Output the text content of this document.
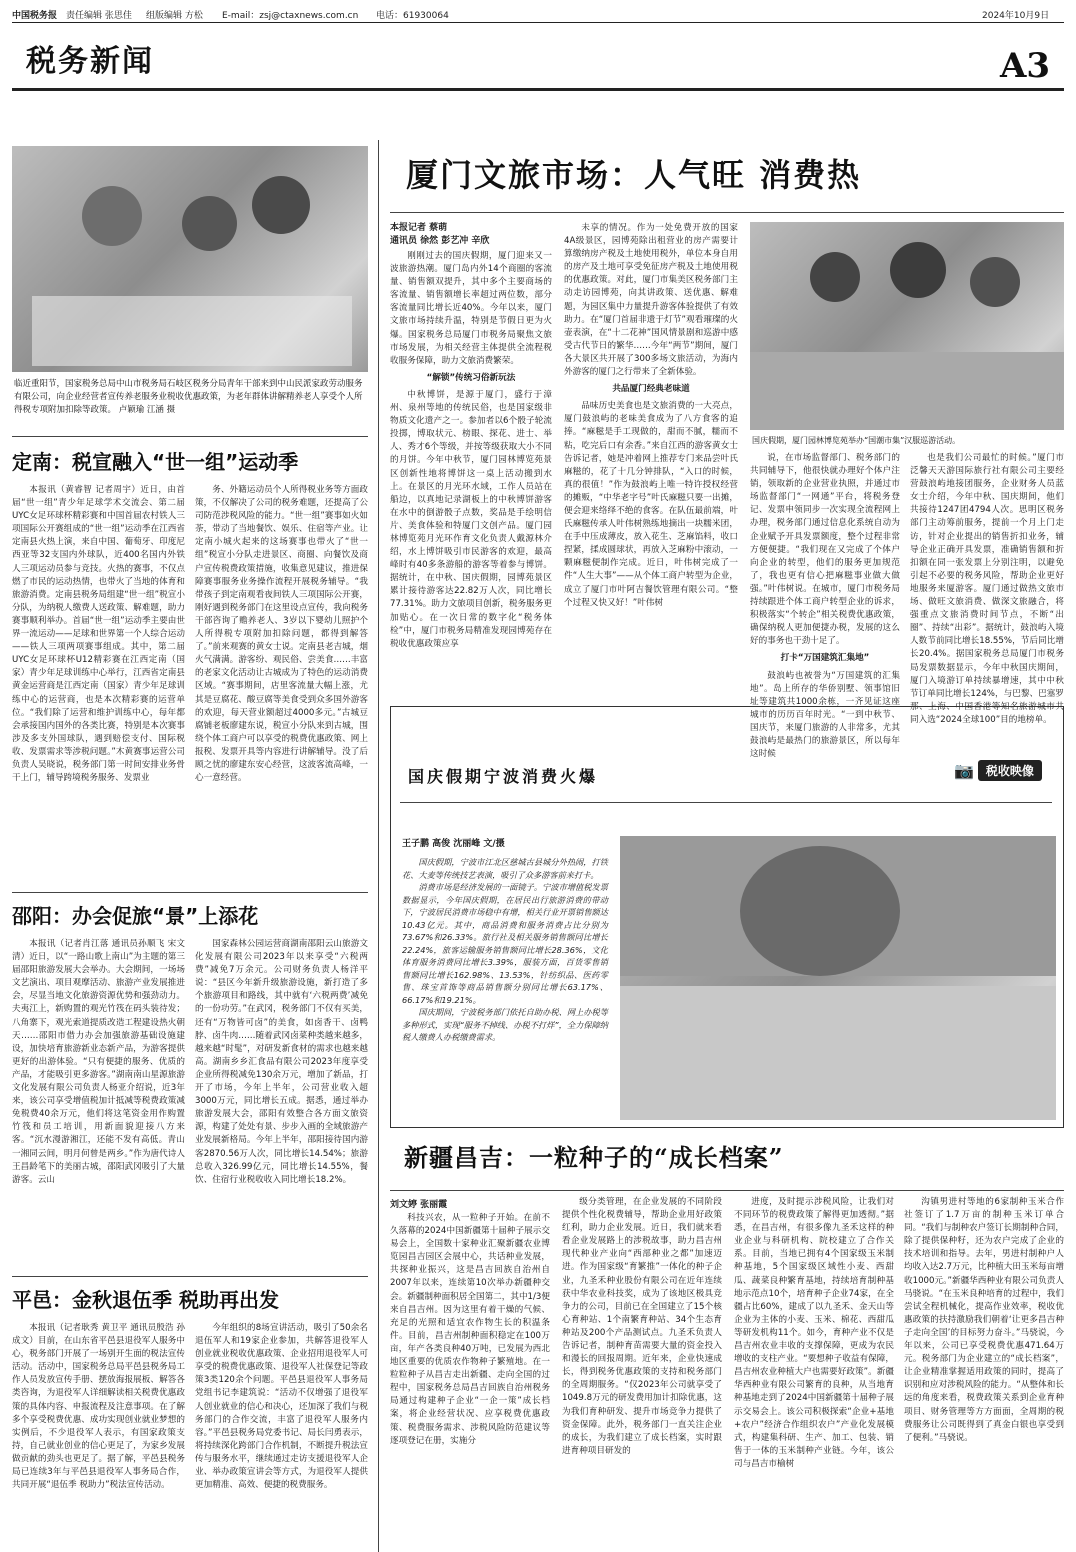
中国税务报 责任编辑 张思佳 组版编辑 方松 E-mail：zsj@ctaxnews.com.cn 电话：61930064	2024年10月9日
税务新闻	A3
临近重阳节，国家税务总局中山市税务局石岐区税务分局青年干部来到中山民派家政劳动服务有限公司，向企业经营者宣传养老服务业税收优惠政策，为老年群体讲解精养老人享受个人所得税专项附加扣除等政策。 卢颖瑜 江涵 摄
定南：税宣融入“世一组”运动季

本报讯（黄睿智 记者周宇）近日，由首届“世一组”青少年足球学术交流会、第二届UYC女足环球杯精彩赛和中国首届农村铁人三项国际公开赛组成的“世一组”运动季在江西省定南县火热上演，来自中国、葡萄牙、印度尼西亚等32支国内外球队，近400名国内外铁人三项运动员参与竞技。火热的赛事，不仅点燃了市民的运动热情，也带火了当地的体育和旅游消费。定南县税务局组建“世一组”税宣小分队，为纳税人缴费人送政策、解难题，助力赛事顺利举办。首届“世一组”运动季主要由世界一流运动——足球和世界第一个人综合运动——铁人三项两项赛事组成。其中，第二届UYC女足环球杯U12精彩赛在江西定南（国家）青少年足球训练中心举行，江西省定南县黄金运营商是江西定南（国家）青少年足球训练中心的运营商，也是本次精彩赛的运营单位。“我们除了运营和维护训练中心，每年都会承接国内国外的各类比赛，特别是本次赛事涉及多支外国球队，遇到赔偿支付、国际税收、发票需求等涉税问题。”木黄赛事运营公司负责人吴晓说，税务部门第一时间安排业务骨干上门，辅导跨境税务服务、发票业

务、外籍运动员个人所得税业务等方面政策，不仅解决了公司的税务难题，还提高了公司防范涉税风险的能力。“世一组”赛事如火如荼，带动了当地餐饮、娱乐、住宿等产业。让定南小城火起来的这场赛事也带火了“世一组”税宣小分队走进景区、商圈、向餐饮及商户宣传税费政策措施，收集意见建议，推进保障赛事服务业务操作流程开展税务辅导。“我带孩子到定南观看夜间铁人三项国际公开赛，刚好遇到税务部门在这里设点宣传，我向税务干部咨询了赡养老人、3岁以下婴幼儿照护个人所得税专项附加扣除问题，都得到解答了。”前来观赛的黄女士说。定南县老吉城，烟火气满满。游客纷、观民俗、尝美食……丰富的老家文化活动让古城成为了特色的运动消费区域。“赛事期间，店里客流量大幅上涨，尤其是豆腐花、酸豆腐等美食受到众多国外游客的欢迎，每天营业额超过4000多元。”古城豆腐铺老板廖建东说，税宣小分队来到古城，围绕个体工商户可以享受的税费优惠政策、网上报税、发票开具等内容进行讲解辅导。没了后顾之忧的廖建东安心经营，这波客流高峰，一心一意经营。

邵阳：办会促旅“景”上添花

本报讯（记者肖江落 通讯员孙顺飞 宋文清）近日，以“一路山歌上南山”为主题的第三届邵阳旅游发展大会举办。大会期间，一场场文艺演出、项目观摩活动、旅游产业发展推进会，尽显当地文化旅游资源优势和强劲动力。夫夷江上，新购置的观光竹筏在码头装待发；八角寨下，观光索道提质改造工程建设热火朝天……邵阳市借力办会加强旅游基础设施建设，加快培育旅游新业态新产品，为游客提供更好的出游体验。“只有便捷的服务、优质的产品，才能吸引更多游客。”湖南南山星源旅游文化发展有限公司负责人杨亚介绍说，近3年来，该公司享受增值税加计抵减等税费政策减免税费40余万元，他们将这笔资金用作购置竹筏和员工培训，用新面貌迎接八方来客。“沉水漫游湘江，还能不发有高低。青山一湘同云间，明月何曾是两乡。”作为唐代诗人王昌龄笔下的美丽古城，邵阳武冈吸引了大量游客。云山

国家森林公园运营商湖南邵阳云山旅游文化发展有限公司2023年以来享受“六税两费”减免7万余元。公司财务负责人杨洋平说：“县区今年新升级旅游设施，新打造了多个旅游项目和路线，其中就有‘六税两费’减免的一份功劳。”在武冈，税务部门不仅有买美，还有“万物皆可卤”的美食，如卤香干、卤鸭脖、卤牛肉……随着武冈卤菜种类越来越多，越来越“时髦”，对研发新食材的需求也越来越高。湖南乡乡汇食品有限公司2023年度享受企业所得税减免130余万元，增加了新品，打开了市场，今年上半年，公司营业收入超3000万元，同比增长五成。据悉，通过举办旅游发展大会，邵阳有效整合各方面文旅资源，构建了处处有景、步步入画的全域旅游产业发展新格局。今年上半年，邵阳接待国内游客2870.56万人次，同比增长14.54%；旅游总收入326.99亿元，同比增长14.55%，餐饮、住宿行业税收收入同比增长18.2%。

平邑：金秋退伍季 税助再出发

本报讯（记者耿秀 黄卫平 通讯员殷浩 孙成文）目前，在山东省平邑县退役军人服务中心，税务部门开展了一场别开生面的税法宣传活动。活动中，国家税务总局平邑县税务局工作人员发放宣传手册、摆放海报展板、解答各类咨询，为退役军人详细解读相关税费优惠政策的具体内容、申报流程及注意事项。在了解多个享受税费优惠、成功实现创业就业梦想的实例后，不少退役军人表示，有国家政策支持，自己就业创业的信心更足了，为家乡发展做贡献的劲头也更足了。据了解，平邑县税务局已连续3年与平邑县退役军人事务局合作，共同开展“退伍季 税助力”税法宣传活动。

今年组织的8场宣讲活动，吸引了50余名退伍军人和19家企业参加，共解答退役军人创业就业税收优惠政策、企业招用退役军人可享受的税费优惠政策、退役军人社保登记等政策3类120余个问题。平邑县退役军人事务局党组书记李建筑说：“活动不仅增强了退役军人创业就业的信心和决心，还加深了我们与税务部门的合作交流，丰富了退役军人服务内容。”平邑县税务局党委书记、局长闫勇表示，将持续深化跨部门合作机制，不断提升税法宣传与服务水平，继续通过走访支援退役军人企业、举办政策宣讲会等方式，为退役军人提供更加精准、高效、便捷的税费服务。

厦门文旅市场：人气旺 消费热
本报记者 蔡萌
通讯员 徐然 彭艺冲 辛欣

刚刚过去的国庆假期，厦门迎来又一波旅游热潮。厦门岛内外14个商圈的客流量、销售额双提升，其中多个主要商场的客流量、销售额增长率超过两位数，部分客流量同比增长近40%。今年以来，厦门文旅市场持续升温，特别是节假日更为火爆。国家税务总局厦门市税务局聚焦文旅市场发展，为相关经营主体提供全流程税收服务保障，助力文旅消费繁荣。

“解锁”传统习俗新玩法

中秋博饼，是源于厦门，盛行于漳州、泉州等地的传统民俗，也是国家级非物质文化遗产之一。参加者以6个骰子轮流投掷，博取状元、榜眼、探花、进士、举人、秀才6个等级，并按等级获取大小不同的月饼。今年中秋节，厦门园林博览苑景区创新性地将博饼这一桌上活动搬到水上。在景区的月光环水域，工作人员站在船边，以真地记录湖板上的中秋博饼游客在水中的倒游骰子点数，奖品是手绘明信片、美食体验和特厦门文创产品。厦门园林博览苑月光环作育文化负责人戴源林介绍，水上博饼吸引市民游客的欢迎，最高峰时有40多条游船的游客等着参与博饼。据统计，在中秋、国庆假期，园博苑景区累计接待游客达22.82万人次，同比增长77.31%。助力文旅项目创新，税务服务更加贴心。在一次日常的数字化“税务体检”中，厦门市税务局精准发现园博苑存在税收优惠政策应享

未享的情况。作为一处免费开放的国家4A级景区，园博苑除出租营业的房产需要计算缴纳房产税及土地使用税外，单位本身自用的房产及土地可享受免征房产税及土地使用税的优惠政策。对此，厦门市集美区税务部门主动走访园博苑，向其讲政策、送优惠、解难题，为园区集中力量提升游客体验提供了有效助力。在“厦门首届非遗于灯节”观看璀璨的火壶表演，在“十二花神”国风情景剧和巡游中感受古代节日的繁华……今年“两节”期间，厦门各大景区共开展了300多场文旅活动，为海内外游客的厦门之行带来了全新体验。

共品厦门经典老味道

品味历史美食也是文旅消费的一大亮点，厦门鼓浪屿的老味美食成为了八方食客的追捧。“麻糍是手工现做的，甜而不腻，糯而不粘，吃完后口有余香。”来自江西的游客黄女士告诉记者，她是冲着网上推荐专门来品尝叶氏麻糍的，花了十几分钟排队，“入口的时候，真的很值！”作为鼓浪屿上唯一特许授权经营的摊贩，“中华老字号”叶氏麻糍只要一出摊，便会迎来络绎不绝的食客。在队伍最前端，叶氏麻糍传承人叶伟树熟练地摘出一块糯米团，在手中压成薄皮，放入花生、芝麻馅料，收口捏紧，揉成圆球状，再放入芝麻粉中滚动，一颗麻糍便制作完成。近日，叶伟树完成了一件“人生大事”——从个体工商户转型为企业，成立了厦门市叶阿吉餐饮管理有限公司。“整个过程又快又好！”叶伟树

国庆假期，厦门园林博览苑举办“国潮市集”汉服巡游活动。

说，在市场监督部门、税务部门的共同辅导下，他很快就办理好个体户注销，领取新的企业营业执照，并通过市场监督部门“一网通”平台，将税务登记、发票申领同步一次实现全流程网上办理，税务部门通过信息化系统自动为企业赋予开具发票额度，整个过程非常方便便捷。“我们现在又完成了个体户向企业的转型，他们的服务更加规范了，我也更有信心把麻糍事业做大做强。”叶伟树说。在城市，厦门市税务局持续跟进个体工商户转型企业的诉求，积极落实“个转企”相关税费优惠政策，确保纳税人更加便捷办税，发展的这么好的事务也干劲十足了。

打卡“万国建筑汇集地”

鼓浪屿也被誉为“万国建筑的汇集地”。岛上所存的华侨别墅、领事馆旧址等建筑共1000余栋，一齐见证这座城市的历历百年时光。“一到中秋节、国庆节，来厦门旅游的人非常多，尤其鼓浪屿是最热门的旅游景区，所以每年这时候

也是我们公司最忙的时候。”厦门市泛馨天天游国际旅行社有限公司主要经营鼓浪屿地接团服务，企业财务人员蓝女士介绍，今年中秋、国庆期间，他们共接待1247团4794人次。思明区税务部门主动筹前服务，提前一个月上门走访，针对企业提出的销售折扣业务，辅导企业正确开具发票，准确销售额和折扣额在同一张发票上分别注明，以避免引起不必要的税务风险，帮助企业更好地服务来厦游客。厦门通过做热文旅市场、做旺文旅消费、做深文旅融合，将强重点文旅消费时间节点，不断“出圈”、持续“出彩”。据统计，鼓浪屿入境人数节前同比增长18.55%，节后同比增长20.4%。据国家税务总局厦门市税务局发票数据显示，今年中秋国庆期间，厦门入境游订单持续暴增速，其中中秋节订单同比增长124%，与巴黎、巴塞罗那、上海、中国香港等知名旅游城市共同入选“2024全球100”目的地榜单。

国庆假期宁波消费火爆	📷	税收映像
王子鹏 高俊 沈丽峰 文/摄

国庆假期，宁波市江北区慈城古县城分外热闹，打铁花、大麦等传统技艺表演，吸引了众多游客前来打卡。

消费市场是经济发展的一面镜子。宁波市增值税发票数据显示，今年国庆假期，在居民出行旅游消费的带动下，宁波居民消费市场稳中有增，相关行业开票销售额达10.43亿元。其中，商品消费和服务消费占比分别为73.67%和26.33%。旅行社及相关服务销售额同比增长22.24%，旅客运输服务销售额同比增长28.36%，文化体育服务消费同比增长3.39%，服装方面，百货零售销售额同比增长162.98%、13.53%，针纺织品、医药零售、珠宝首饰等商品销售额分别同比增长63.17%、66.17%和19.21%。

国庆期间，宁波税务部门依托自助办税、网上办税等多种形式，实现“服务不掉线、办税不打烊”，全力保障纳税人缴费人办税缴费需求。

新疆昌吉：一粒种子的“成长档案”
刘文婷 张丽霞

科技兴农，从一粒种子开始。在前不久落幕的2024中国新疆第十届种子展示交易会上，全国数十家种业汇聚新疆农业博览园昌吉园区会展中心，共话种业发展，共探种业振兴，这是昌吉回族自治州自2007年以来，连续第10次举办新疆种交会。新疆制种面积居全国第二，其中1/3便来自昌吉州。因为这里有着干燥的气候、充足的光照和适宜农作物生长的积温条件。目前，昌吉州制种面积稳定在100万亩，年产各类良种40万吨，已发展为西北地区重要的优质农作物种子繁殖地。在一粒粒种子从昌吉走出新疆、走向全国的过程中，国家税务总局昌吉回族自治州税务局通过构建种子企业“一企一策”成长档案，将企业经营状况、应享税费优惠政策、税费服务需求、涉税风险防范建议等逐项登记在册，实施分

级分类管理，在企业发展的不同阶段提供个性化税费辅导，帮助企业用好政策红利，助力企业发展。近日，我们就来看看企业发展路上的涉税故事，助力昌吉州现代种业产业向“西部种业之都”加速迈进。作为国家级“育繁推”一体化的种子企业，九圣禾种业股份有限公司在近年连续获中华农业科技奖，成为了该地区极具竞争力的公司，目前已在全国建立了15个核心育种站、1个南繁育种站、34个生态育种站及200个产品测试点。九圣禾负责人告诉记者，制种育苗需要大量的资金投入和漫长的回报周期。近年来，企业快速成长，得到税务优惠政策的支持和税务部门的全周期服务。“仅2023年公司就享受了1049.8万元的研发费用加计扣除优惠，这为我们育种研发、提升市场竞争力提供了资金保障。此外，税务部门一直关注企业的成长，为我们建立了成长档案，实时跟进育种项目研发的

进度，及时提示涉税风险，让我们对不同环节的税费政策了解得更加透彻。”据悉，在昌吉州，有很多像九圣禾这样的种业企业与科研机构、院校建立了合作关系。目前，当地已拥有4个国家级玉米制种基地，5个国家级区域性小麦、西甜瓜、蔬菜良种繁育基地，持续培育制种基地示范点10个，培育种子企业74家，在全疆占比60%，建成了以九圣禾、金天山等企业为主体的小麦、玉米、棉花、西甜瓜等研发机构11个。如今，育种产业不仅是昌吉州农业丰收的支撑保障，更成为农民增收的支柱产业。“要想种子收益有保障，昌吉州农业种植大户也需要好政策”。新疆华西种业有限公司繁育的良种，从当地育种基地走到了2024中国新疆第十届种子展示交易会上。该公司积极探索“企业+基地+农户”经济合作组织农户”产业化发展模式，构建集科研、生产、加工、包装、销售于一体的玉米制种产业链。今年，该公司与昌吉市榆树

沟镇男进村等地的6家制种玉米合作社签订了1.7万亩的制种玉米订单合同。“我们与制种农户签订长期制种合同，除了提供保种籽，还为农户完成了企业的技术培训和指导。去年，男进村制种户人均收入达2.7万元，比种植大田玉米每亩增收1000元。”新疆华西种业有限公司负责人马骁说。“在玉米良种培育的过程中，我们尝试全程机械化，提高作业效率，税收优惠政策的扶持激励我们朝着‘让更多昌吉种子走向全国’的目标努力奋斗。”马骁说，今年以来，公司已享受税费优惠471.64万元。税务部门为企业建立的“成长档案”，让企业精准掌握适用政策的同时，提高了识别和应对涉税风险的能力。“从整体和长远的角度来看，税费政策关系到企业育种项目、财务管理等方方面面，全周期的税费服务让公司既得到了真金白银也享受到了便利。”马骁说。
